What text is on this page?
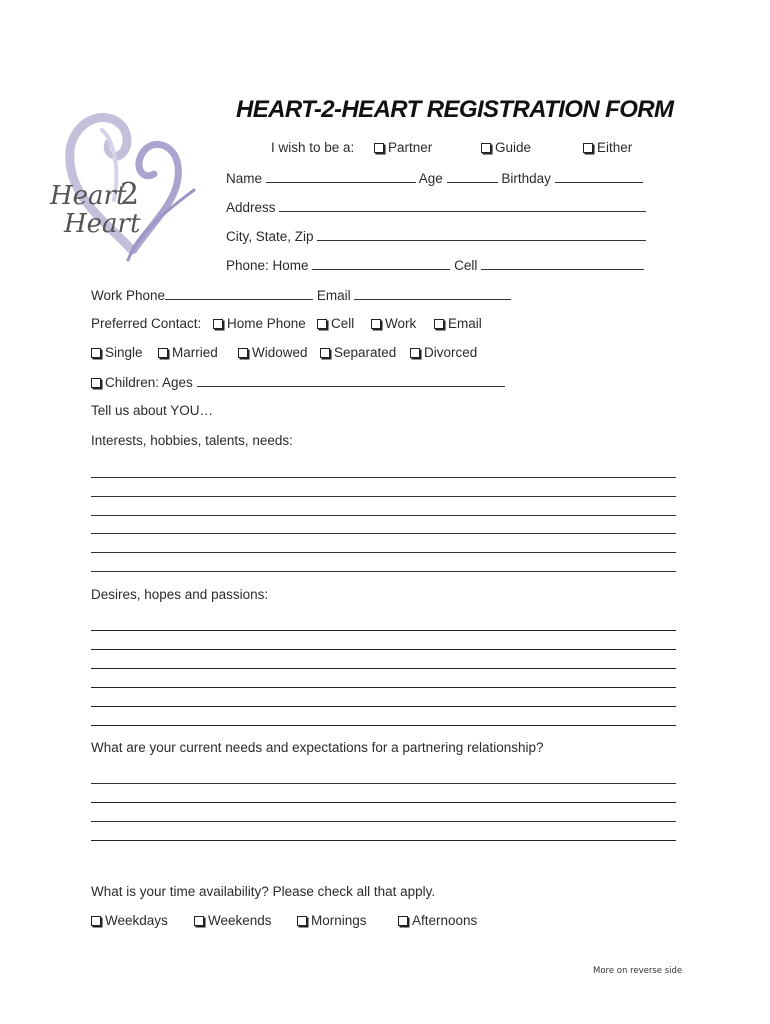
Heart
2
Heart
HEART-2-HEART REGISTRATION FORM
I wish to be a:	Partner	Guide	Either
Name	Age	Birthday
Address
City, State, Zip
Phone: Home	Cell
Work Phone	Email
Preferred Contact:	Home Phone	Cell	Work	Email
Single	Married	Widowed	Separated	Divorced
Children: Ages
Tell us about YOU…
Interests, hobbies, talents, needs:
Desires, hopes and passions:
What are your current needs and expectations for a partnering relationship?
What is your time availability? Please check all that apply.
Weekdays	Weekends	Mornings	Afternoons
More on reverse side
